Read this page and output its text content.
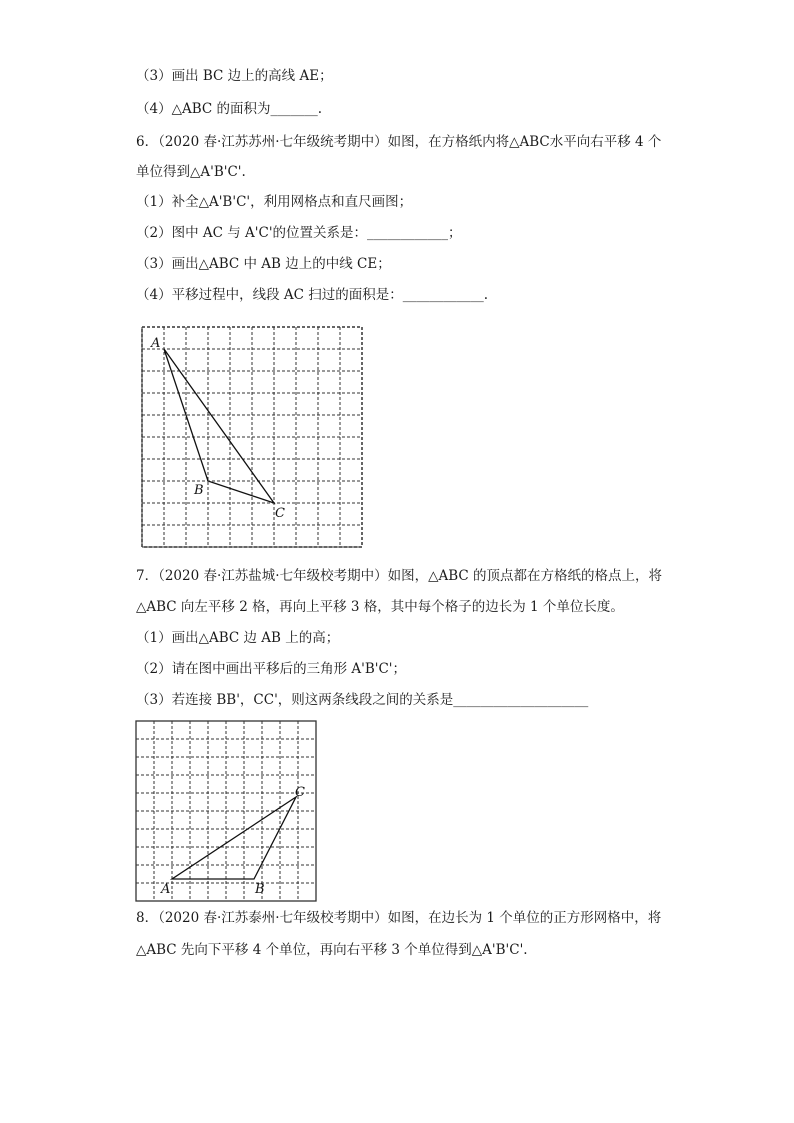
（3）画出 BC 边上的高线 AE；

（4）△ABC 的面积为_______.

6．（2020 春·江苏苏州·七年级统考期中）如图，在方格纸内将△ABC水平向右平移 4 个

单位得到△A'B'C'.

（1）补全△A'B'C'，利用网格点和直尺画图；

（2）图中 AC 与 A'C'的位置关系是：____________；

（3）画出△ABC 中 AB 边上的中线 CE；

（4）平移过程中，线段 AC 扫过的面积是：____________.

A
B
C

7．（2020 春·江苏盐城·七年级校考期中）如图，△ABC 的顶点都在方格纸的格点上，将

△ABC 向左平移 2 格，再向上平移 3 格，其中每个格子的边长为 1 个单位长度。

（1）画出△ABC 边 AB 上的高；

（2）请在图中画出平移后的三角形 A'B'C'；

（3）若连接 BB'，CC'，则这两条线段之间的关系是____________________

A	B
C

8．（2020 春·江苏泰州·七年级校考期中）如图，在边长为 1 个单位的正方形网格中，将

△ABC 先向下平移 4 个单位，再向右平移 3 个单位得到△A'B'C'.
